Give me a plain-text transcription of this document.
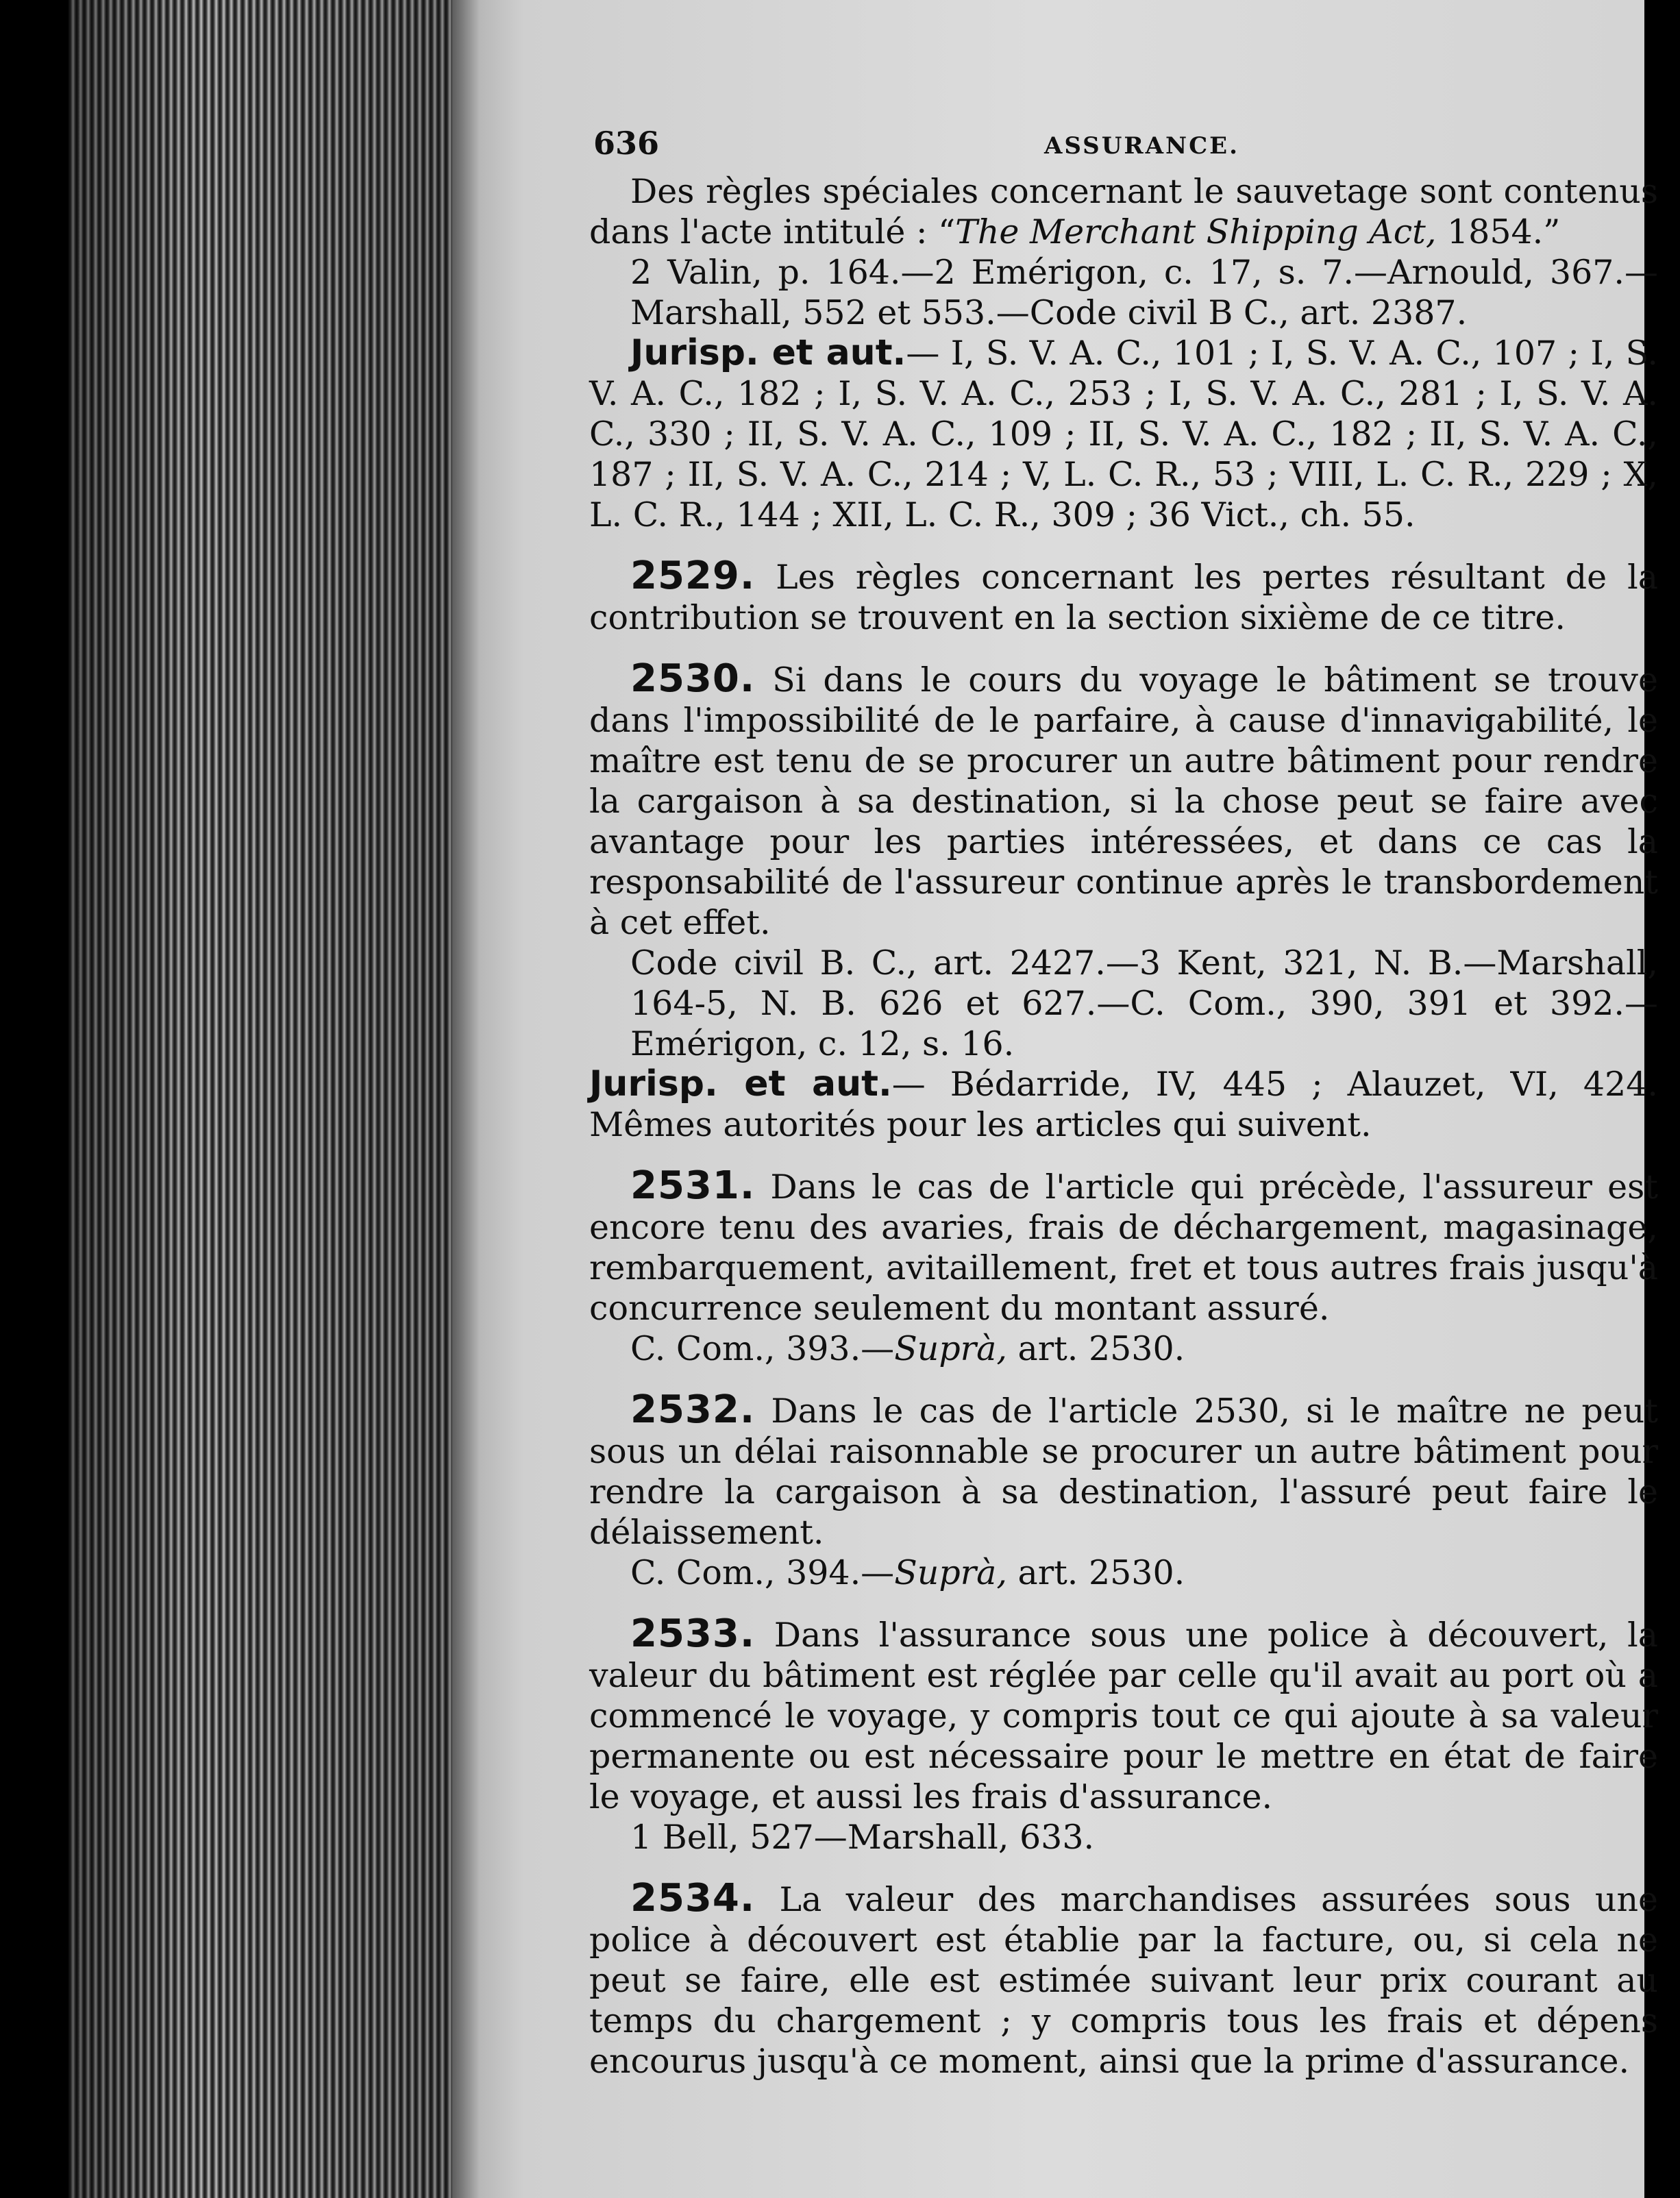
636	ASSURANCE.

Des règles spéciales concernant le sauvetage sont contenus dans l'acte intitulé : “The Merchant Shipping Act, 1854.”

2 Valin, p. 164.—2 Emérigon, c. 17, s. 7.—Arnould, 367.—Marshall, 552 et 553.—Code civil B C., art. 2387.

Jurisp. et aut.— I, S. V. A. C., 101 ; I, S. V. A. C., 107 ; I, S. V. A. C., 182 ; I, S. V. A. C., 253 ; I, S. V. A. C., 281 ; I, S. V. A. C., 330 ; II, S. V. A. C., 109 ; II, S. V. A. C., 182 ; II, S. V. A. C., 187 ; II, S. V. A. C., 214 ; V, L. C. R., 53 ; VIII, L. C. R., 229 ; X, L. C. R., 144 ; XII, L. C. R., 309 ; 36 Vict., ch. 55.

2529. Les règles concernant les pertes résultant de la contribution se trouvent en la section sixième de ce titre.

2530. Si dans le cours du voyage le bâtiment se trouve dans l'impossibilité de le parfaire, à cause d'innavigabilité, le maître est tenu de se procurer un autre bâtiment pour rendre la cargaison à sa destination, si la chose peut se faire avec avantage pour les parties intéressées, et dans ce cas la responsabilité de l'assureur continue après le transbordement à cet effet.

Code civil B. C., art. 2427.—3 Kent, 321, N. B.—Marshall, 164-5, N. B. 626 et 627.—C. Com., 390, 391 et 392.—Emérigon, c. 12, s. 16.

Jurisp. et aut.— Bédarride, IV, 445 ; Alauzet, VI, 424. Mêmes autorités pour les articles qui suivent.

2531. Dans le cas de l'article qui précède, l'assureur est encore tenu des avaries, frais de déchargement, magasinage, rembarquement, avitaillement, fret et tous autres frais jusqu'à concurrence seulement du montant assuré.

C. Com., 393.—Suprà, art. 2530.

2532. Dans le cas de l'article 2530, si le maître ne peut sous un délai raisonnable se procurer un autre bâtiment pour rendre la cargaison à sa destination, l'assuré peut faire le délaissement.

C. Com., 394.—Suprà, art. 2530.

2533. Dans l'assurance sous une police à découvert, la valeur du bâtiment est réglée par celle qu'il avait au port où a commencé le voyage, y compris tout ce qui ajoute à sa valeur permanente ou est nécessaire pour le mettre en état de faire le voyage, et aussi les frais d'assurance.

1 Bell, 527—Marshall, 633.

2534. La valeur des marchandises assurées sous une police à découvert est établie par la facture, ou, si cela ne peut se faire, elle est estimée suivant leur prix courant au temps du chargement ; y compris tous les frais et dépens encourus jusqu'à ce moment, ainsi que la prime d'assurance.
